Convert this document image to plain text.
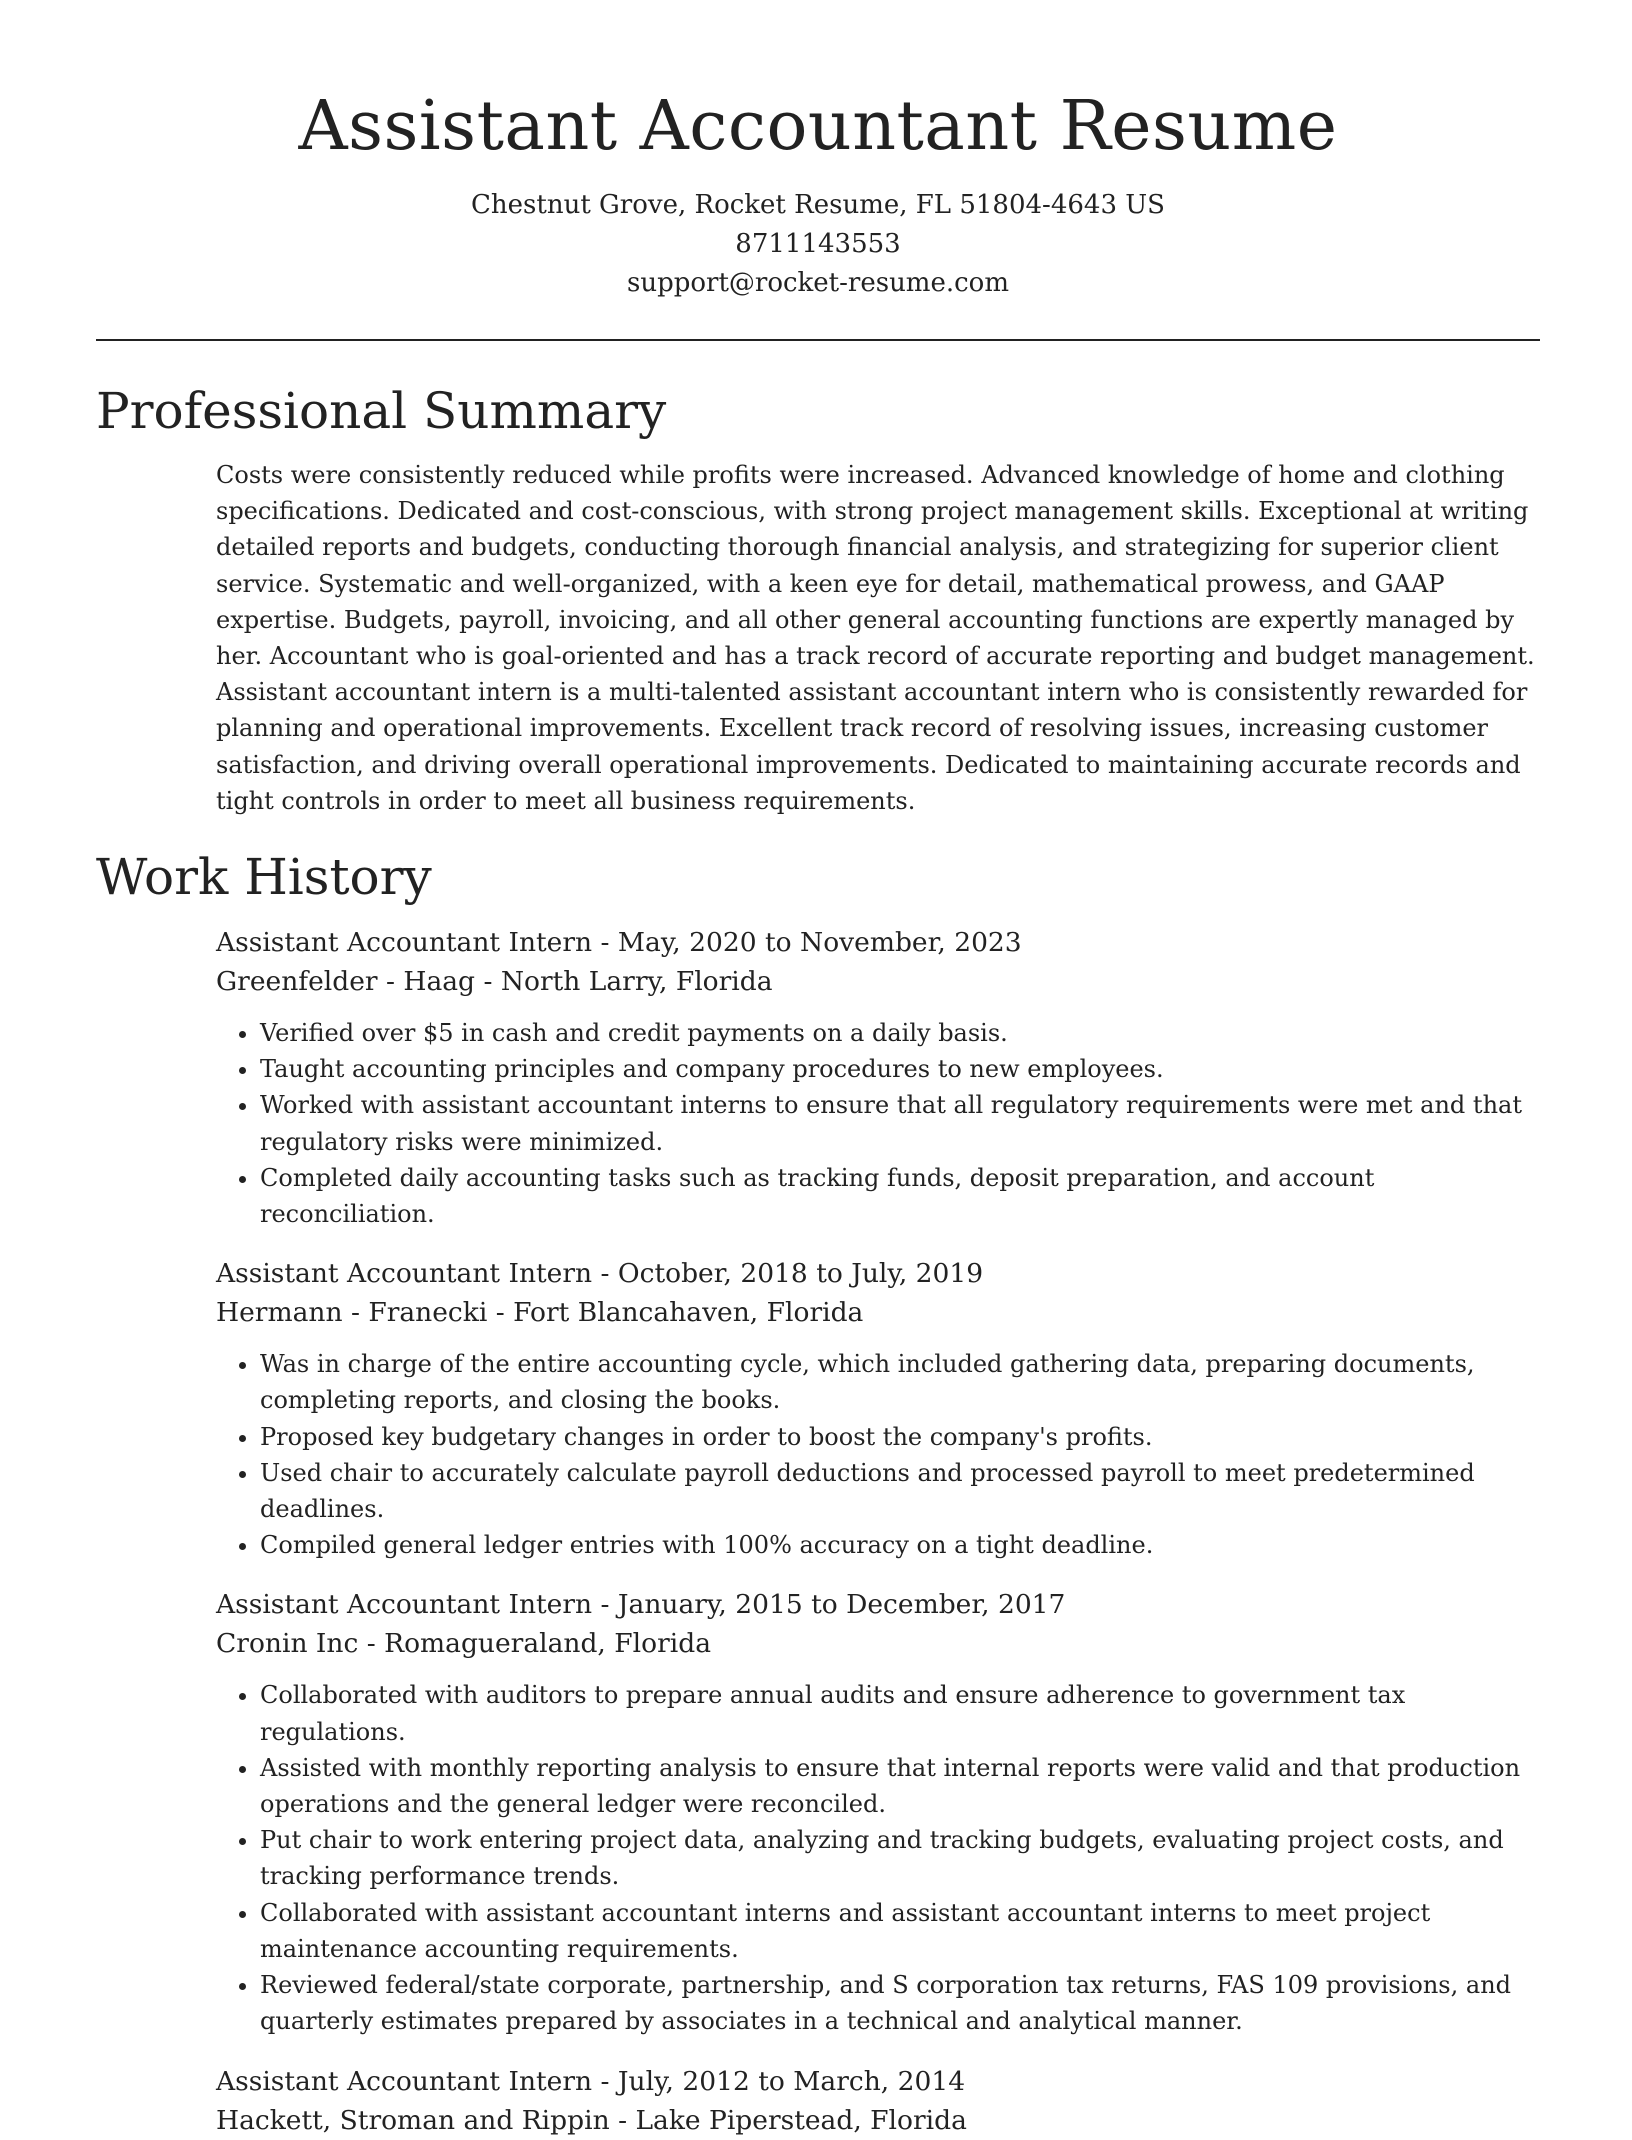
Assistant Accountant Resume
Chestnut Grove, Rocket Resume, FL 51804-4643 US
8711143553
support@rocket-resume.com
Professional Summary

Costs were consistently reduced while profits were increased. Advanced knowledge of home and clothing specifications. Dedicated and cost-conscious, with strong project management skills. Exceptional at writing detailed reports and budgets, conducting thorough financial analysis, and strategizing for superior client service. Systematic and well-organized, with a keen eye for detail, mathematical prowess, and GAAP expertise. Budgets, payroll, invoicing, and all other general accounting functions are expertly managed by her. Accountant who is goal-oriented and has a track record of accurate reporting and budget management. Assistant accountant intern is a multi-talented assistant accountant intern who is consistently rewarded for planning and operational improvements. Excellent track record of resolving issues, increasing customer satisfaction, and driving overall operational improvements. Dedicated to maintaining accurate records and tight controls in order to meet all business requirements.

Work History
Assistant Accountant Intern - May, 2020 to November, 2023
Greenfelder - Haag - North Larry, Florida
• Verified over $5 in cash and credit payments on a daily basis.
• Taught accounting principles and company procedures to new employees.
• Worked with assistant accountant interns to ensure that all regulatory requirements were met and that regulatory risks were minimized.
• Completed daily accounting tasks such as tracking funds, deposit preparation, and account reconciliation.
Assistant Accountant Intern - October, 2018 to July, 2019
Hermann - Franecki - Fort Blancahaven, Florida
• Was in charge of the entire accounting cycle, which included gathering data, preparing documents, completing reports, and closing the books.
• Proposed key budgetary changes in order to boost the company's profits.
• Used chair to accurately calculate payroll deductions and processed payroll to meet predetermined deadlines.
• Compiled general ledger entries with 100% accuracy on a tight deadline.
Assistant Accountant Intern - January, 2015 to December, 2017
Cronin Inc - Romagueraland, Florida
• Collaborated with auditors to prepare annual audits and ensure adherence to government tax regulations.
• Assisted with monthly reporting analysis to ensure that internal reports were valid and that production operations and the general ledger were reconciled.
• Put chair to work entering project data, analyzing and tracking budgets, evaluating project costs, and tracking performance trends.
• Collaborated with assistant accountant interns and assistant accountant interns to meet project maintenance accounting requirements.
• Reviewed federal/state corporate, partnership, and S corporation tax returns, FAS 109 provisions, and quarterly estimates prepared by associates in a technical and analytical manner.
Assistant Accountant Intern - July, 2012 to March, 2014
Hackett, Stroman and Rippin - Lake Piperstead, Florida
